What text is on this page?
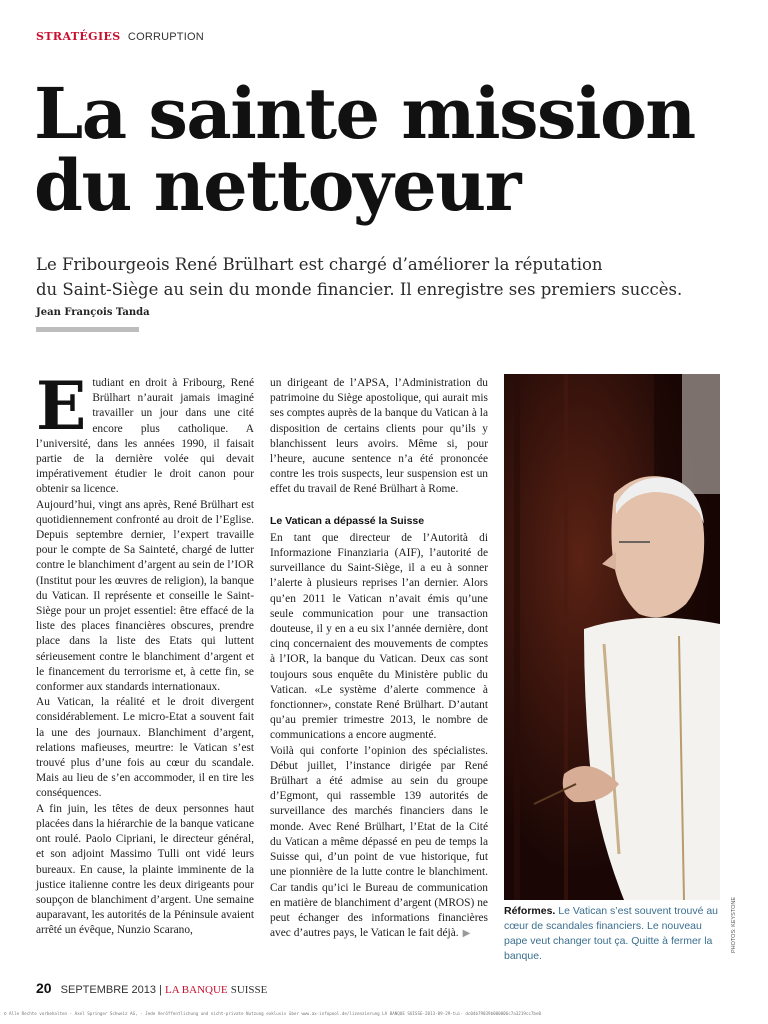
STRATÉGIES CORRUPTION
La sainte mission
du nettoyeur

Le Fribourgeois René Brülhart est chargé d’améliorer la réputation
du Saint-Siège au sein du monde financier. Il enregistre ses premiers succès.

Jean François Tanda
E tudiant en droit à Fribourg, René Brülhart n’aurait jamais imaginé travailler un jour dans une cité encore plus catholique. A l’université, dans les années 1990, il faisait partie de la dernière volée qui devait impérativement étudier le droit canon pour obtenir sa licence.

Aujourd’hui, vingt ans après, René Brülhart est quotidiennement confronté au droit de l’Eglise. Depuis septembre dernier, l’expert travaille pour le compte de Sa Sainteté, chargé de lutter contre le blanchiment d’argent au sein de l’IOR (Institut pour les œuvres de religion), la banque du Vatican. Il représente et conseille le Saint-Siège pour un projet essentiel: être effacé de la liste des places financières obscures, prendre place dans la liste des Etats qui luttent sérieusement contre le blanchiment d’argent et le financement du terrorisme et, à cette fin, se conformer aux standards internationaux.

Au Vatican, la réalité et le droit divergent considérablement. Le micro-Etat a souvent fait la une des journaux. Blanchiment d’argent, relations mafieuses, meurtre: le Vatican s’est trouvé plus d’une fois au cœur du scandale. Mais au lieu de s’en accommoder, il en tire les conséquences.

A fin juin, les têtes de deux personnes haut placées dans la hiérarchie de la banque vaticane ont roulé. Paolo Cipriani, le directeur général, et son adjoint Massimo Tulli ont vidé leurs bureaux. En cause, la plainte imminente de la justice italienne contre les deux dirigeants pour soupçon de blanchiment d’argent. Une semaine auparavant, les autorités de la Péninsule avaient arrêté un évêque, Nunzio Scarano,

un dirigeant de l’APSA, l’Administration du patrimoine du Siège apostolique, qui aurait mis ses comptes auprès de la banque du Vatican à la disposition de certains clients pour qu’ils y blanchissent leurs avoirs. Même si, pour l’heure, aucune sentence n’a été prononcée contre les trois suspects, leur suspension est un effet du travail de René Brülhart à Rome.

Le Vatican a dépassé la Suisse

En tant que directeur de l’Autorità di Informazione Finanziaria (AIF), l’autorité de surveillance du Saint-Siège, il a eu à sonner l’alerte à plusieurs reprises l’an dernier. Alors qu’en 2011 le Vatican n’avait émis qu’une seule communication pour une transaction douteuse, il y en a eu six l’année dernière, dont cinq concernaient des mouvements de comptes à l’IOR, la banque du Vatican. Deux cas sont toujours sous enquête du Ministère public du Vatican. «Le système d’alerte commence à fonctionner», constate René Brülhart. D’autant qu’au premier trimestre 2013, le nombre de communications a encore augmenté.

Voilà qui conforte l’opinion des spécialistes. Début juillet, l’instance dirigée par René Brülhart a été admise au sein du groupe d’Egmont, qui rassemble 139 autorités de surveillance des marchés financiers dans le monde. Avec René Brülhart, l’Etat de la Cité du Vatican a même dépassé en peu de temps la Suisse qui, d’un point de vue historique, fut une pionnière de la lutte contre le blanchiment. Car tandis qu’ici le Bureau de communication en matière de blanchiment d’argent (MROS) ne peut échanger des informations financières avec d’autres pays, le Vatican le fait déjà. ▶

Réformes. Le Vatican s’est souvent trouvé au cœur de scandales financiers. Le nouveau pape veut changer tout ça. Quitte à fermer la banque.
PHOTOS: KEYSTONE
20 SEPTEMBRE 2013 | LA BANQUE SUISSE
© Alle Rechte vorbehalten - Axel Springer Schweiz AG, - Jede Veröffentlichung und nicht-private Nutzung exklusiv über www.ax-infopool.de/lizenzierung LA BANQUE SUISSE-2013-09-29-tui- dc04b79039b000006c7a3219cc7be0
